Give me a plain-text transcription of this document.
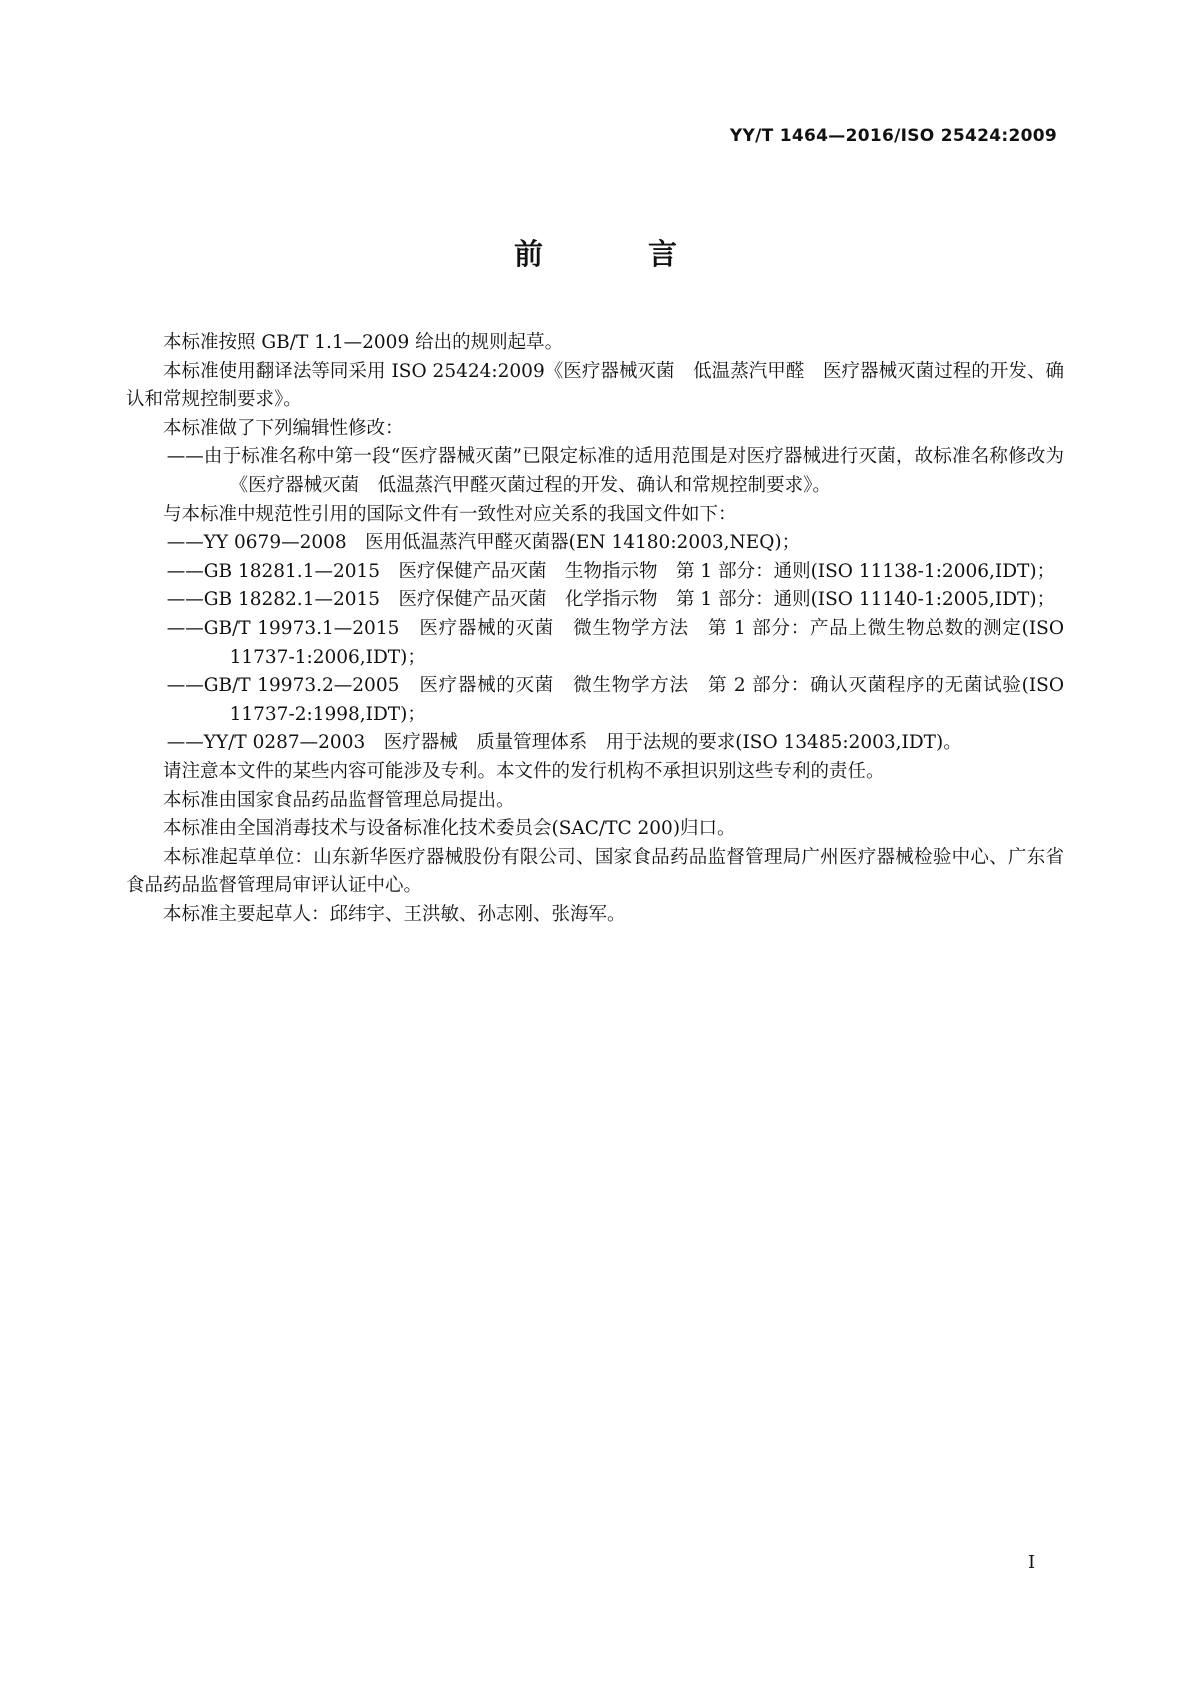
YY/T 1464—2016/ISO 25424:2009
前　言

本标准按照 GB/T 1.1—2009 给出的规则起草。

本标准使用翻译法等同采用 ISO 25424:2009《医疗器械灭菌　低温蒸汽甲醛　医疗器械灭菌过程的开发、确认和常规控制要求》。

本标准做了下列编辑性修改：

——由于标准名称中第一段“医疗器械灭菌”已限定标准的适用范围是对医疗器械进行灭菌，故标准名称修改为《医疗器械灭菌　低温蒸汽甲醛灭菌过程的开发、确认和常规控制要求》。

与本标准中规范性引用的国际文件有一致性对应关系的我国文件如下：

——YY 0679—2008　医用低温蒸汽甲醛灭菌器(EN 14180:2003,NEQ)；

——GB 18281.1—2015　医疗保健产品灭菌　生物指示物　第 1 部分：通则(ISO 11138-1:2006,IDT)；

——GB 18282.1—2015　医疗保健产品灭菌　化学指示物　第 1 部分：通则(ISO 11140-1:2005,IDT)；

——GB/T 19973.1—2015　医疗器械的灭菌　微生物学方法　第 1 部分：产品上微生物总数的测定(ISO 11737-1:2006,IDT)；

——GB/T 19973.2—2005　医疗器械的灭菌　微生物学方法　第 2 部分：确认灭菌程序的无菌试验(ISO 11737-2:1998,IDT)；

——YY/T 0287—2003　医疗器械　质量管理体系　用于法规的要求(ISO 13485:2003,IDT)。

请注意本文件的某些内容可能涉及专利。本文件的发行机构不承担识别这些专利的责任。

本标准由国家食品药品监督管理总局提出。

本标准由全国消毒技术与设备标准化技术委员会(SAC/TC 200)归口。

本标准起草单位：山东新华医疗器械股份有限公司、国家食品药品监督管理局广州医疗器械检验中心、广东省食品药品监督管理局审评认证中心。

本标准主要起草人：邱纬宇、王洪敏、孙志刚、张海军。

I
